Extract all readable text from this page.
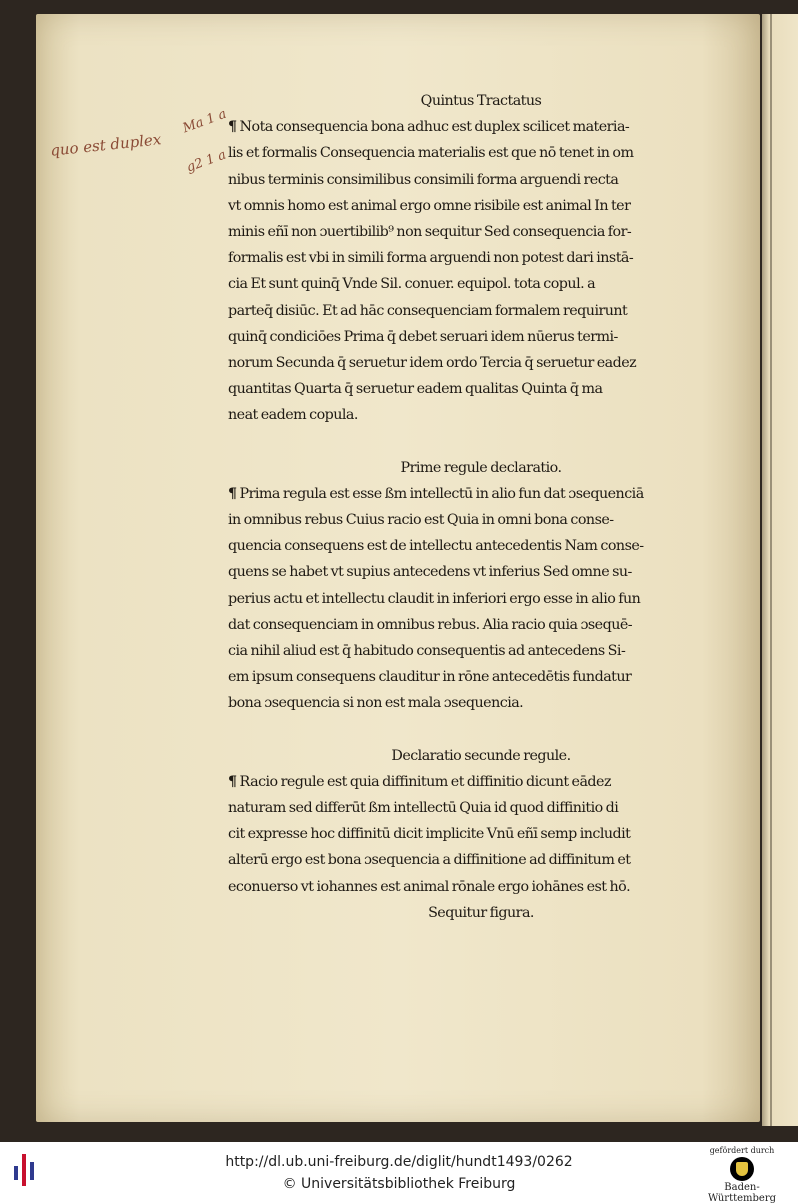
quo est duplex
Ma 1 a
g2 1 a
Quintus Tractatus
¶ Nota consequencia bona adhuc est duplex scilicet materia-
lis et formalis Consequencia materialis est que nō tenet in om
nibus terminis consimilibus consimili forma arguendi recta
vt omnis homo est animal ergo omne risibile est animal In ter
minis eñī non ɔuertibilib⁹ non sequitur Sed consequencia for-
formalis est vbi in simili forma arguendi non potest dari instā-
cia Et sunt quinq̄ Vnde Sil. conuer. equipol. tota copul. a
parteq̄ disiūc. Et ad hāc consequenciam formalem requirunt
quinq̄ condiciōes Prima q̄ debet seruari idem nūerus termi-
norum Secunda q̄ seruetur idem ordo Tercia q̄ seruetur eadez
quantitas Quarta q̄ seruetur eadem qualitas Quinta q̄ ma
neat eadem copula.
Prime regule declaratio.
¶ Prima regula est esse ßm intellectū in alio fun dat ɔsequenciā
in omnibus rebus Cuius racio est Quia in omni bona conse-
quencia consequens est de intellectu antecedentis Nam conse-
quens se habet vt supius antecedens vt inferius Sed omne su-
perius actu et intellectu claudit in inferiori ergo esse in alio fun
dat consequenciam in omnibus rebus. Alia racio quia ɔsequē-
cia nihil aliud est q̄ habitudo consequentis ad antecedens Si-
em ipsum consequens clauditur in rōne antecedētis fundatur
bona ɔsequencia si non est mala ɔsequencia.
Declaratio secunde regule.
¶ Racio regule est quia diffinitum et diffinitio dicunt eādez
naturam sed differūt ßm intellectū Quia id quod diffinitio di
cit expresse hoc diffinitū dicit implicite Vnū eñī semp includit
alterū ergo est bona ɔsequencia a diffinitione ad diffinitum et
econuerso vt iohannes est animal rōnale ergo iohānes est hō.
Sequitur figura.
http://dl.ub.uni-freiburg.de/diglit/hundt1493/0262
© Universitätsbibliothek Freiburg
gefördert durch
Baden-Württemberg
